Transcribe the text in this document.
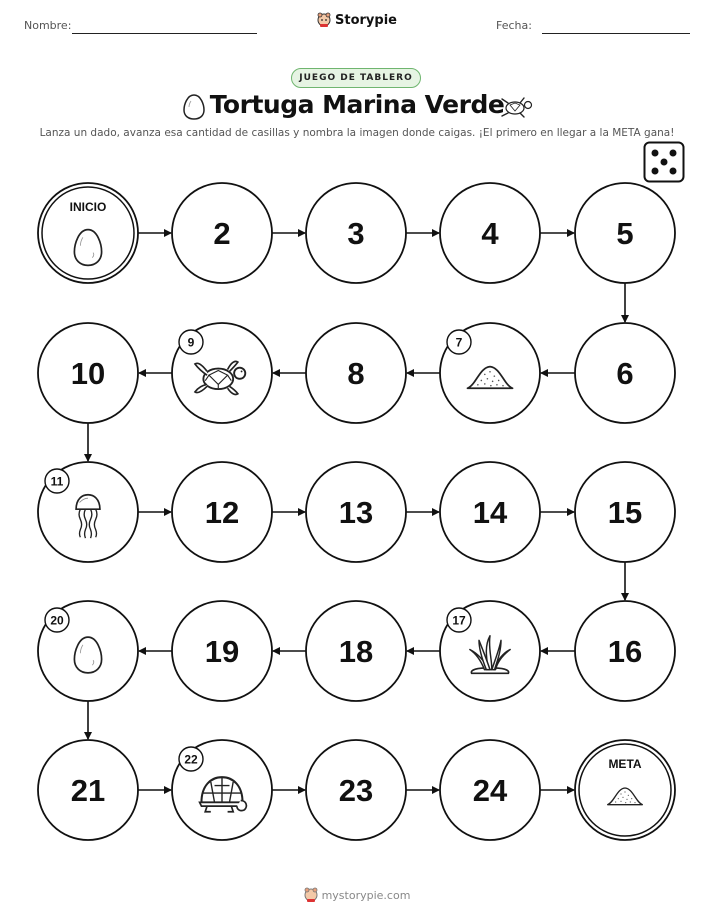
Nombre:	Storypie	Fecha:
JUEGO DE TABLERO
Tortuga Marina Verde
Lanza un dado, avanza esa cantidad de casillas y nombra la imagen donde caigas. ¡El primero en llegar a la META gana!
INICIO
2	3	4	5
6
7
8
9
10
11
12	13	14	15
16
17
18
19
20
21
22
23	24
META
mystorypie.com
